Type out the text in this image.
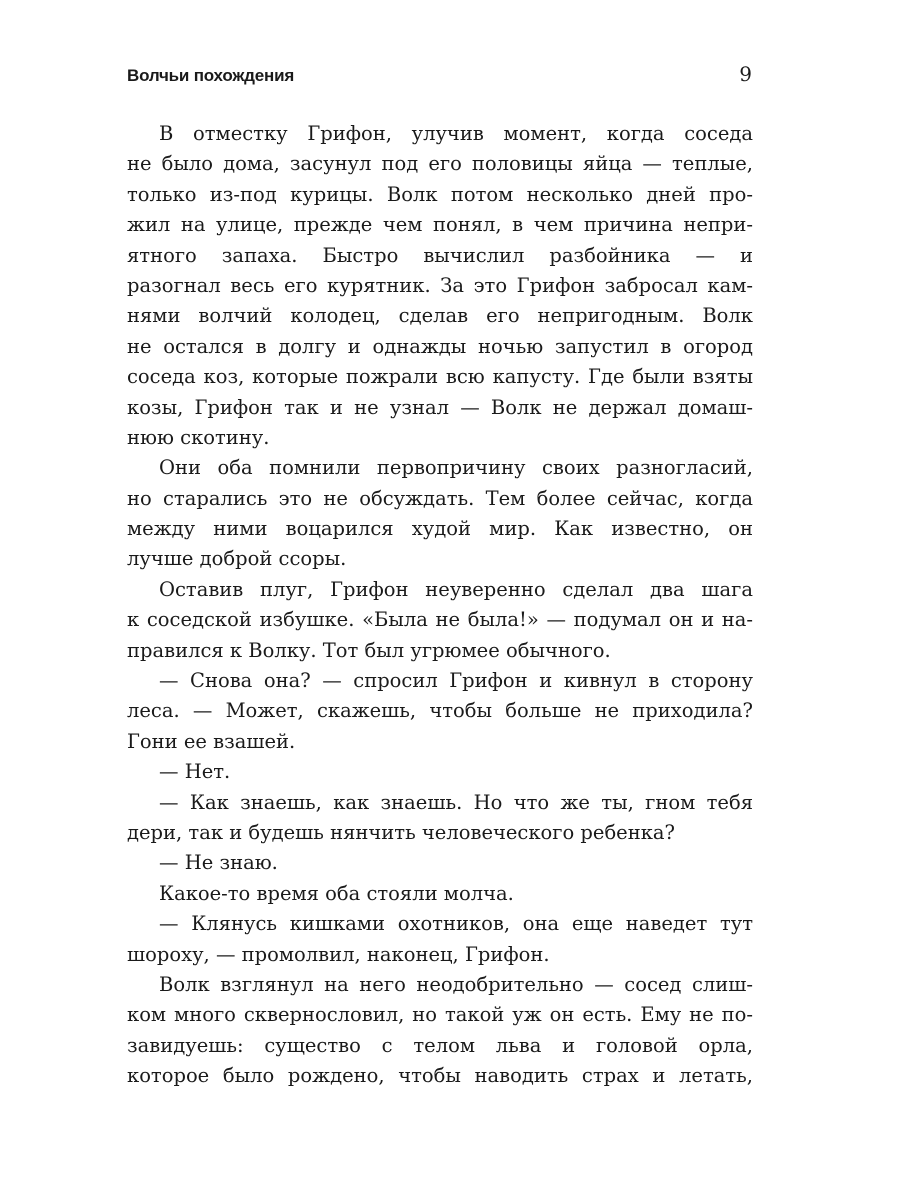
Волчьи похождения	9

В отместку Грифон, улучив момент, когда соседа
не было дома, засунул под его половицы яйца — теплые,
только из-под курицы. Волк потом несколько дней про-
жил на улице, прежде чем понял, в чем причина непри-
ятного запаха. Быстро вычислил разбойника — и
разогнал весь его курятник. За это Грифон забросал кам-
нями волчий колодец, сделав его непригодным. Волк
не остался в долгу и однажды ночью запустил в огород
соседа коз, которые пожрали всю капусту. Где были взяты
козы, Грифон так и не узнал — Волк не держал домаш-
нюю скотину.

Они оба помнили первопричину своих разногласий,
но старались это не обсуждать. Тем более сейчас, когда
между ними воцарился худой мир. Как известно, он
лучше доброй ссоры.

Оставив плуг, Грифон неуверенно сделал два шага
к соседской избушке. «Была не была!» — подумал он и на-
правился к Волку. Тот был угрюмее обычного.

— Снова она? — спросил Грифон и кивнул в сторону
леса. — Может, скажешь, чтобы больше не приходила?
Гони ее взашей.

— Нет.

— Как знаешь, как знаешь. Но что же ты, гном тебя
дери, так и будешь нянчить человеческого ребенка?

— Не знаю.

Какое-то время оба стояли молча.

— Клянусь кишками охотников, она еще наведет тут
шороху, — промолвил, наконец, Грифон.

Волк взглянул на него неодобрительно — сосед слиш-
ком много сквернословил, но такой уж он есть. Ему не по-
завидуешь: существо с телом льва и головой орла,
которое было рождено, чтобы наводить страх и летать,
